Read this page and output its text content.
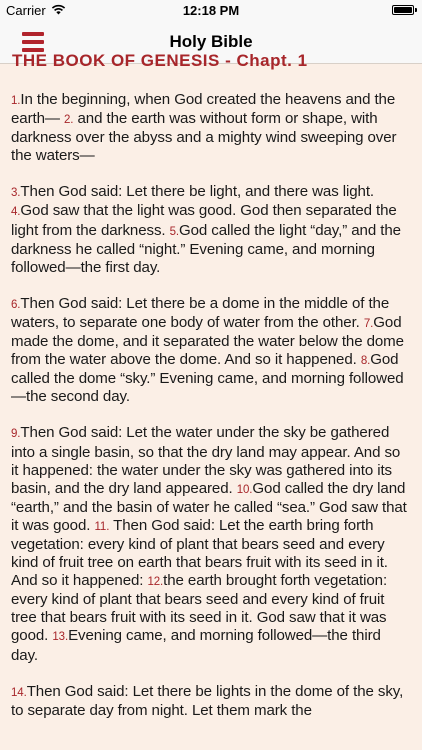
Carrier	12:18 PM
Holy Bible
THE BOOK OF GENESIS - Chapt. 1

1.In the beginning, when God created the heavens and the earth— 2. and the earth was without form or shape, with darkness over the abyss and a mighty wind sweeping over the waters—

3.Then God said: Let there be light, and there was light. 4.God saw that the light was good. God then separated the light from the darkness. 5.God called the light “day,” and the darkness he called “night.” Evening came, and morning followed—the first day.

6.Then God said: Let there be a dome in the middle of the waters, to separate one body of water from the other. 7.God made the dome, and it separated the water below the dome from the water above the dome. And so it happened. 8.God called the dome “sky.” Evening came, and morning followed—the second day.

9.Then God said: Let the water under the sky be gathered into a single basin, so that the dry land may appear. And so it happened: the water under the sky was gathered into its basin, and the dry land appeared. 10.God called the dry land “earth,” and the basin of water he called “sea.” God saw that it was good. 11. Then God said: Let the earth bring forth vegetation: every kind of plant that bears seed and every kind of fruit tree on earth that bears fruit with its seed in it. And so it happened: 12.the earth brought forth vegetation: every kind of plant that bears seed and every kind of fruit tree that bears fruit with its seed in it. God saw that it was good. 13.Evening came, and morning followed—the third day.

14.Then God said: Let there be lights in the dome of the sky, to separate day from night. Let them mark the
